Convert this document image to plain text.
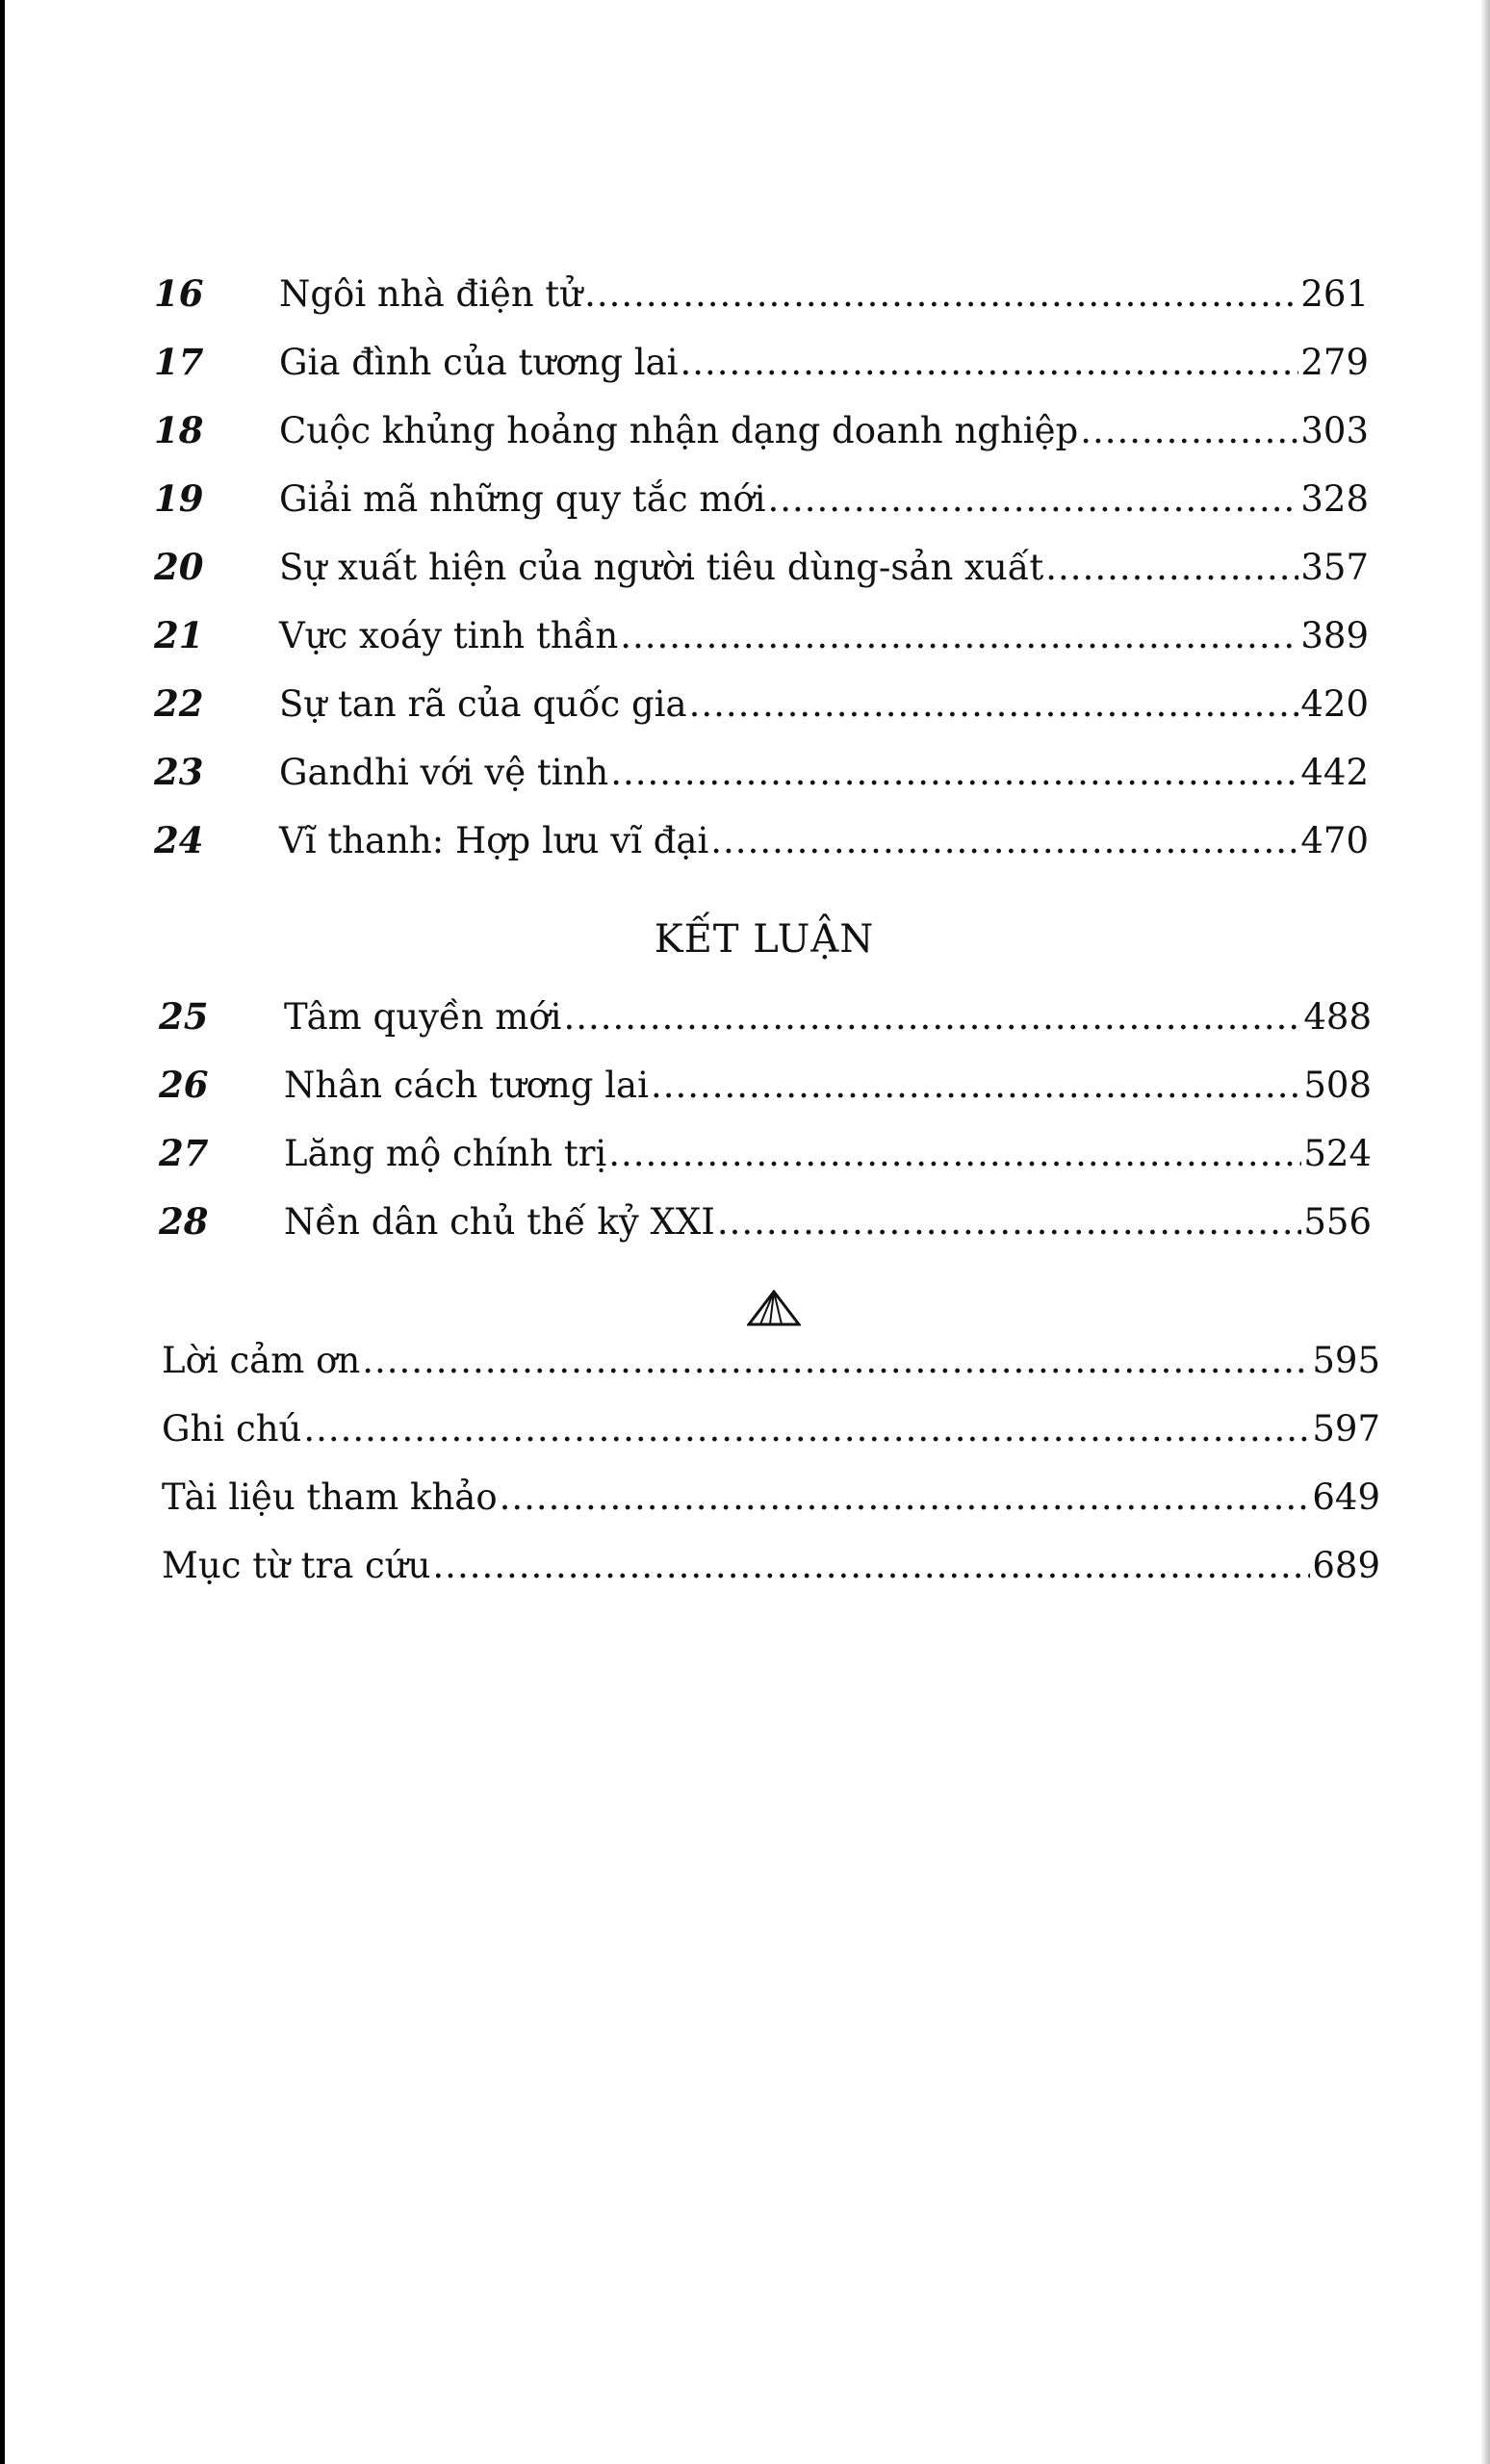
16	Ngôi nhà điện tử .....	261
17	Gia đình của tương lai .....	279
18	Cuộc khủng hoảng nhận dạng doanh nghiệp .....	303
19	Giải mã những quy tắc mới .....	328
20	Sự xuất hiện của người tiêu dùng-sản xuất .....	357
21	Vực xoáy tinh thần .....	389
22	Sự tan rã của quốc gia .....	420
23	Gandhi với vệ tinh .....	442
24	Vĩ thanh: Hợp lưu vĩ đại .....	470
KẾT LUẬN
25	Tâm quyền mới .....	488
26	Nhân cách tương lai .....	508
27	Lăng mộ chính trị .....	524
28	Nền dân chủ thế kỷ XXI .....	556
Lời cảm ơn .....	595
Ghi chú .....	597
Tài liệu tham khảo .....	649
Mục từ tra cứu .....	689
